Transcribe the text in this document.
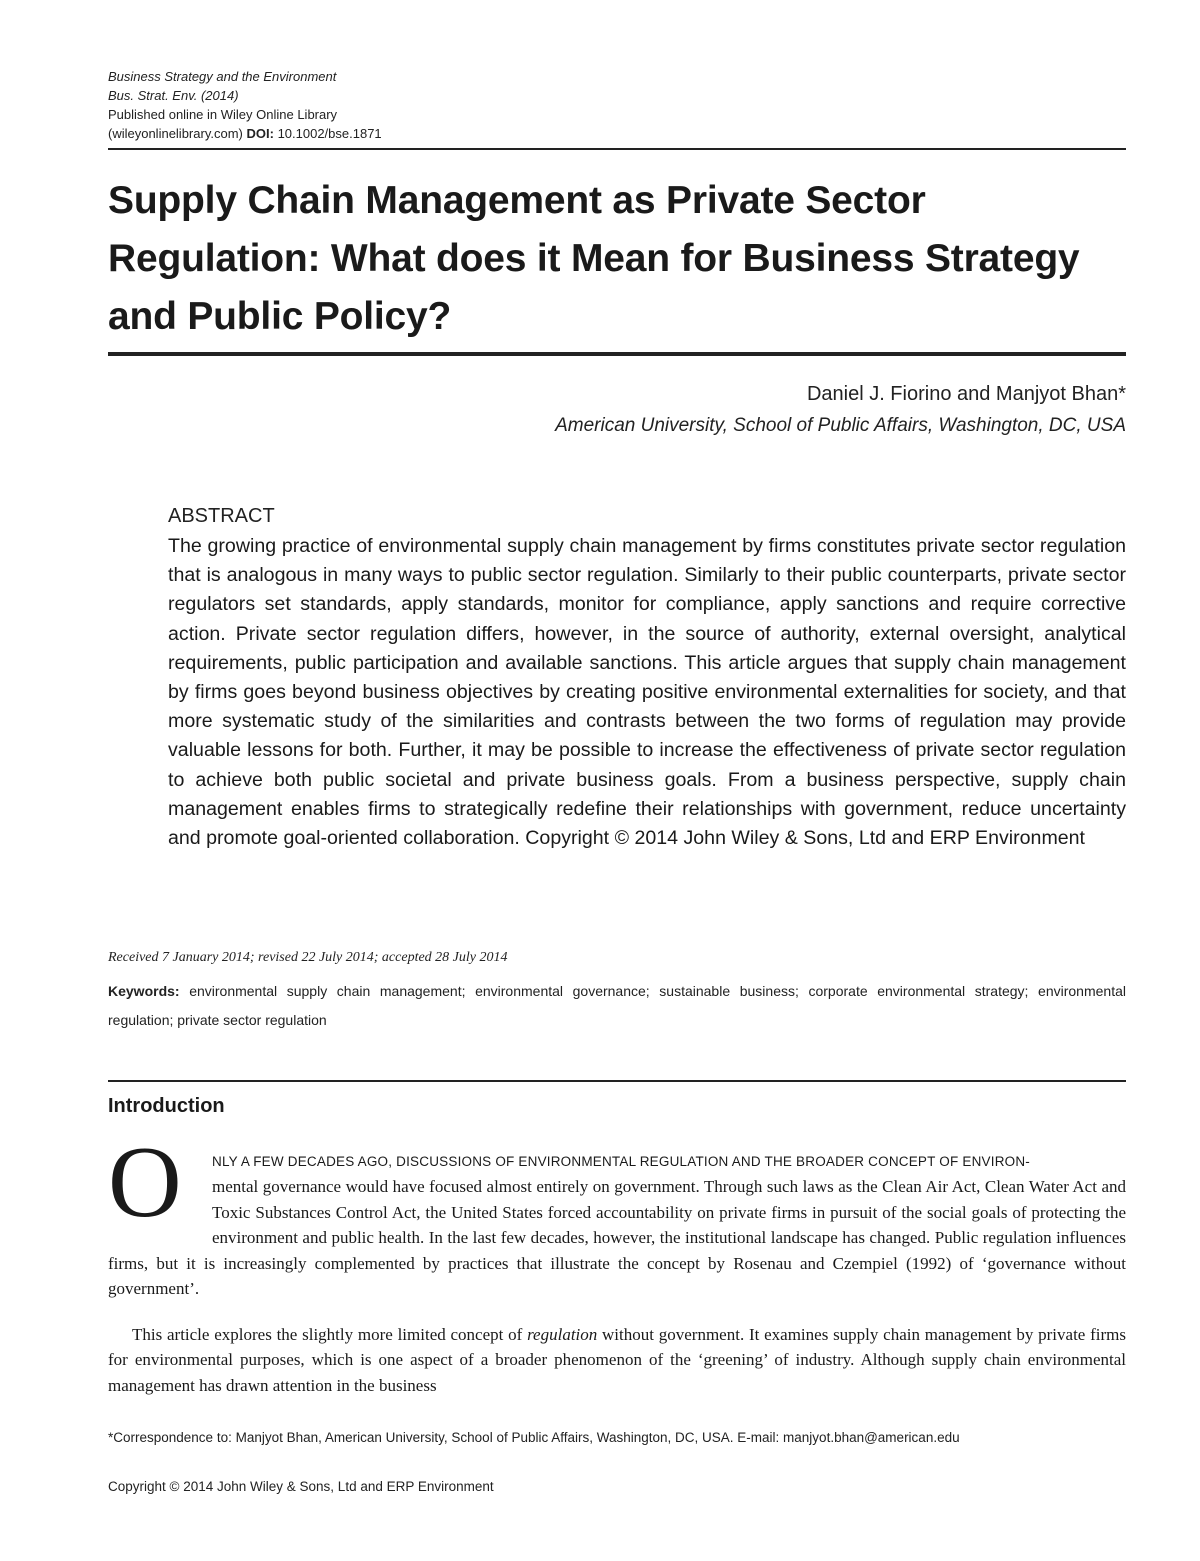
Business Strategy and the Environment
Bus. Strat. Env. (2014)
Published online in Wiley Online Library
(wileyonlinelibrary.com) DOI: 10.1002/bse.1871
Supply Chain Management as Private Sector Regulation: What does it Mean for Business Strategy and Public Policy?
Daniel J. Fiorino and Manjyot Bhan*
American University, School of Public Affairs, Washington, DC, USA
ABSTRACT
The growing practice of environmental supply chain management by firms constitutes private sector regulation that is analogous in many ways to public sector regulation. Similarly to their public counterparts, private sector regulators set standards, apply standards, monitor for compliance, apply sanctions and require corrective action. Private sector regulation differs, however, in the source of authority, external oversight, analytical requirements, public participation and available sanctions. This article argues that supply chain management by firms goes beyond business objectives by creating positive environmental externalities for society, and that more systematic study of the similarities and contrasts between the two forms of regulation may provide valuable lessons for both. Further, it may be possible to increase the effectiveness of private sector regulation to achieve both public societal and private business goals. From a business perspective, supply chain management enables firms to strategically redefine their relationships with government, reduce uncertainty and promote goal-oriented collaboration. Copyright © 2014 John Wiley & Sons, Ltd and ERP Environment
Received 7 January 2014; revised 22 July 2014; accepted 28 July 2014
Keywords: environmental supply chain management; environmental governance; sustainable business; corporate environmental strategy; environmental regulation; private sector regulation
Introduction
O	NLY A FEW DECADES AGO, DISCUSSIONS OF ENVIRONMENTAL REGULATION AND THE BROADER CONCEPT OF ENVIRON-
mental governance would have focused almost entirely on government. Through such laws as the Clean Air Act, Clean Water Act and Toxic Substances Control Act, the United States forced accountability on private firms in pursuit of the social goals of protecting the environment and public health. In the last few decades, however, the institutional landscape has changed. Public regulation influences firms, but it is increasingly complemented by practices that illustrate the concept by Rosenau and Czempiel (1992) of ‘governance without government’.
This article explores the slightly more limited concept of regulation without government. It examines supply chain management by private firms for environmental purposes, which is one aspect of a broader phenomenon of the ‘greening’ of industry. Although supply chain environmental management has drawn attention in the business
*Correspondence to: Manjyot Bhan, American University, School of Public Affairs, Washington, DC, USA. E-mail: manjyot.bhan@american.edu
Copyright © 2014 John Wiley & Sons, Ltd and ERP Environment
